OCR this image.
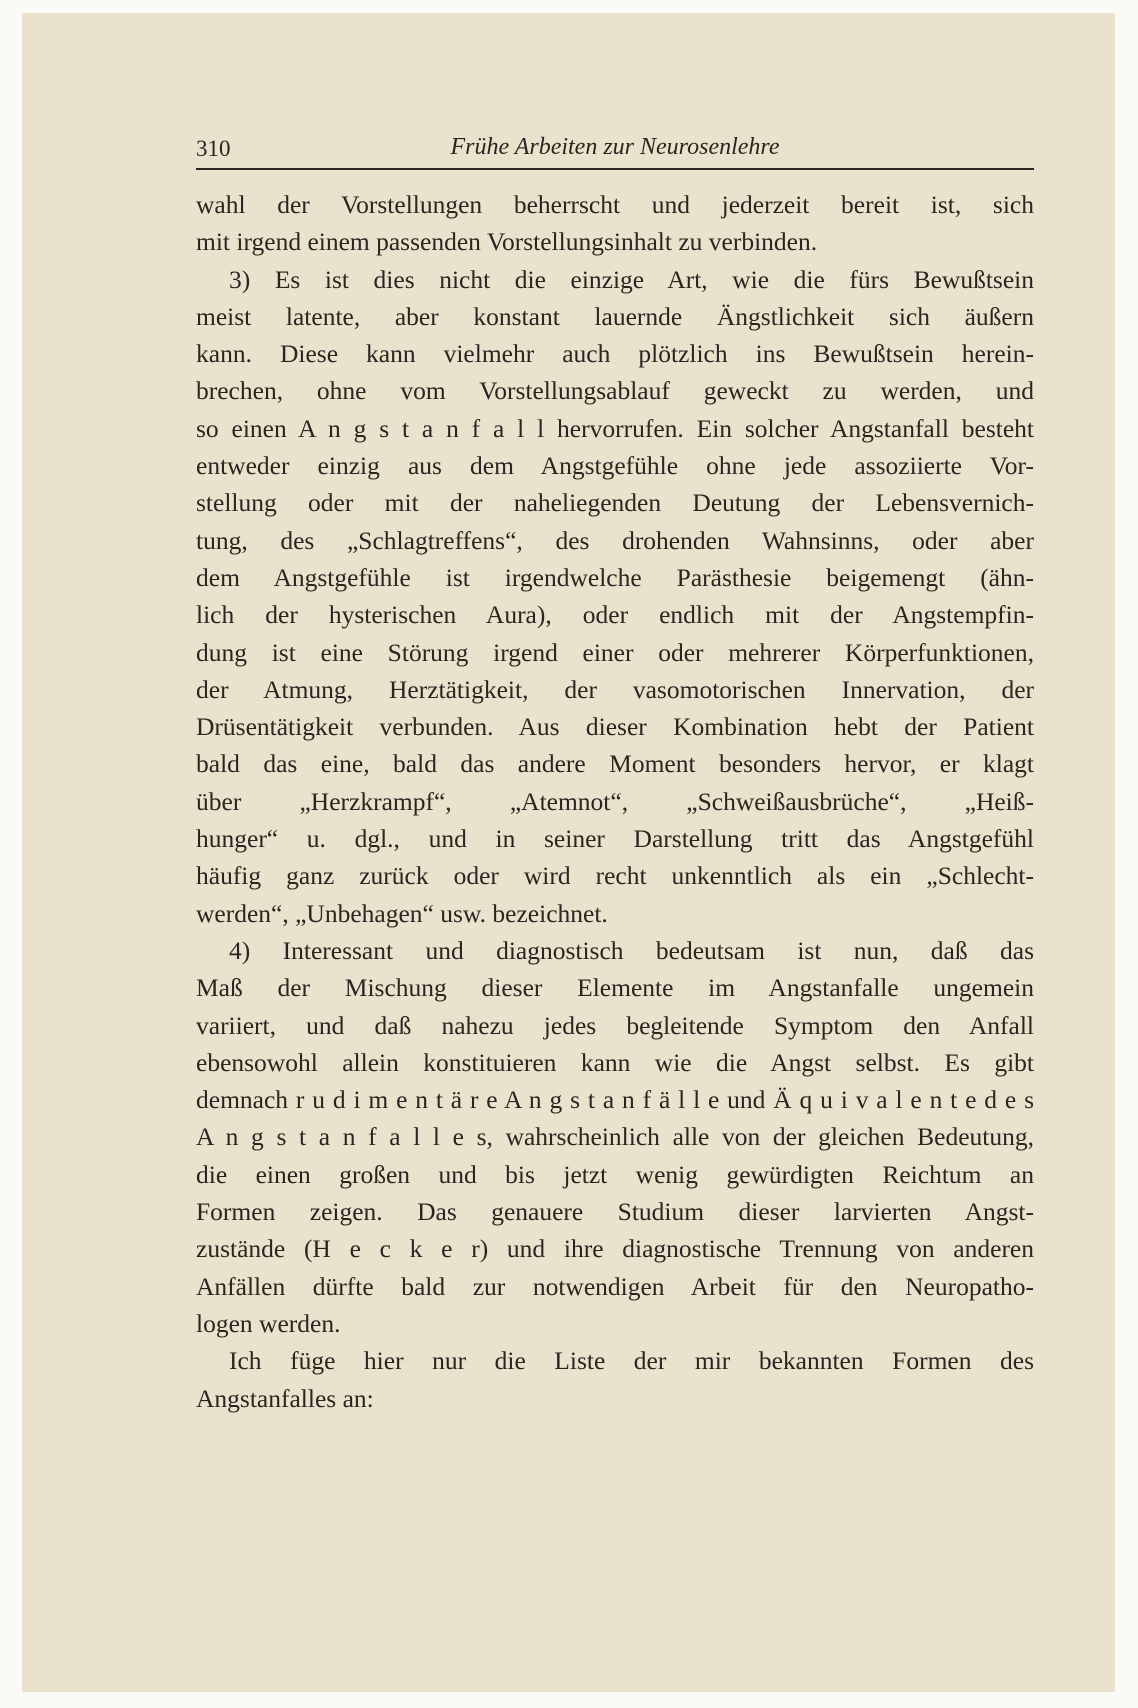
310	Frühe Arbeiten zur Neurosenlehre
wahl der Vorstellungen beherrscht und jederzeit bereit ist, sich
mit irgend einem passenden Vorstellungsinhalt zu verbinden.
3) Es ist dies nicht die einzige Art, wie die fürs Bewußtsein
meist latente, aber konstant lauernde Ängstlichkeit sich äußern
kann. Diese kann vielmehr auch plötzlich ins Bewußtsein herein-
brechen, ohne vom Vorstellungsablauf geweckt zu werden, und
so einen A n g s t a n f a l l hervorrufen. Ein solcher Angstanfall besteht
entweder einzig aus dem Angstgefühle ohne jede assoziierte Vor-
stellung oder mit der naheliegenden Deutung der Lebensvernich-
tung, des „Schlagtreffens“, des drohenden Wahnsinns, oder aber
dem Angstgefühle ist irgendwelche Parästhesie beigemengt (ähn-
lich der hysterischen Aura), oder endlich mit der Angstempfin-
dung ist eine Störung irgend einer oder mehrerer Körperfunktionen,
der Atmung, Herztätigkeit, der vasomotorischen Innervation, der
Drüsentätigkeit verbunden. Aus dieser Kombination hebt der Patient
bald das eine, bald das andere Moment besonders hervor, er klagt
über „Herzkrampf“, „Atemnot“, „Schweißausbrüche“, „Heiß-
hunger“ u. dgl., und in seiner Darstellung tritt das Angstgefühl
häufig ganz zurück oder wird recht unkenntlich als ein „Schlecht-
werden“, „Unbehagen“ usw. bezeichnet.
4) Interessant und diagnostisch bedeutsam ist nun, daß das
Maß der Mischung dieser Elemente im Angstanfalle ungemein
variiert, und daß nahezu jedes begleitende Symptom den Anfall
ebensowohl allein konstituieren kann wie die Angst selbst. Es gibt
demnach r u d i m e n t ä r e A n g s t a n f ä l l e und Ä q u i v a l e n t e d e s
A n g s t a n f a l l e s, wahrscheinlich alle von der gleichen Bedeutung,
die einen großen und bis jetzt wenig gewürdigten Reichtum an
Formen zeigen. Das genauere Studium dieser larvierten Angst-
zustände (H e c k e r) und ihre diagnostische Trennung von anderen
Anfällen dürfte bald zur notwendigen Arbeit für den Neuropatho-
logen werden.
Ich füge hier nur die Liste der mir bekannten Formen des
Angstanfalles an:
